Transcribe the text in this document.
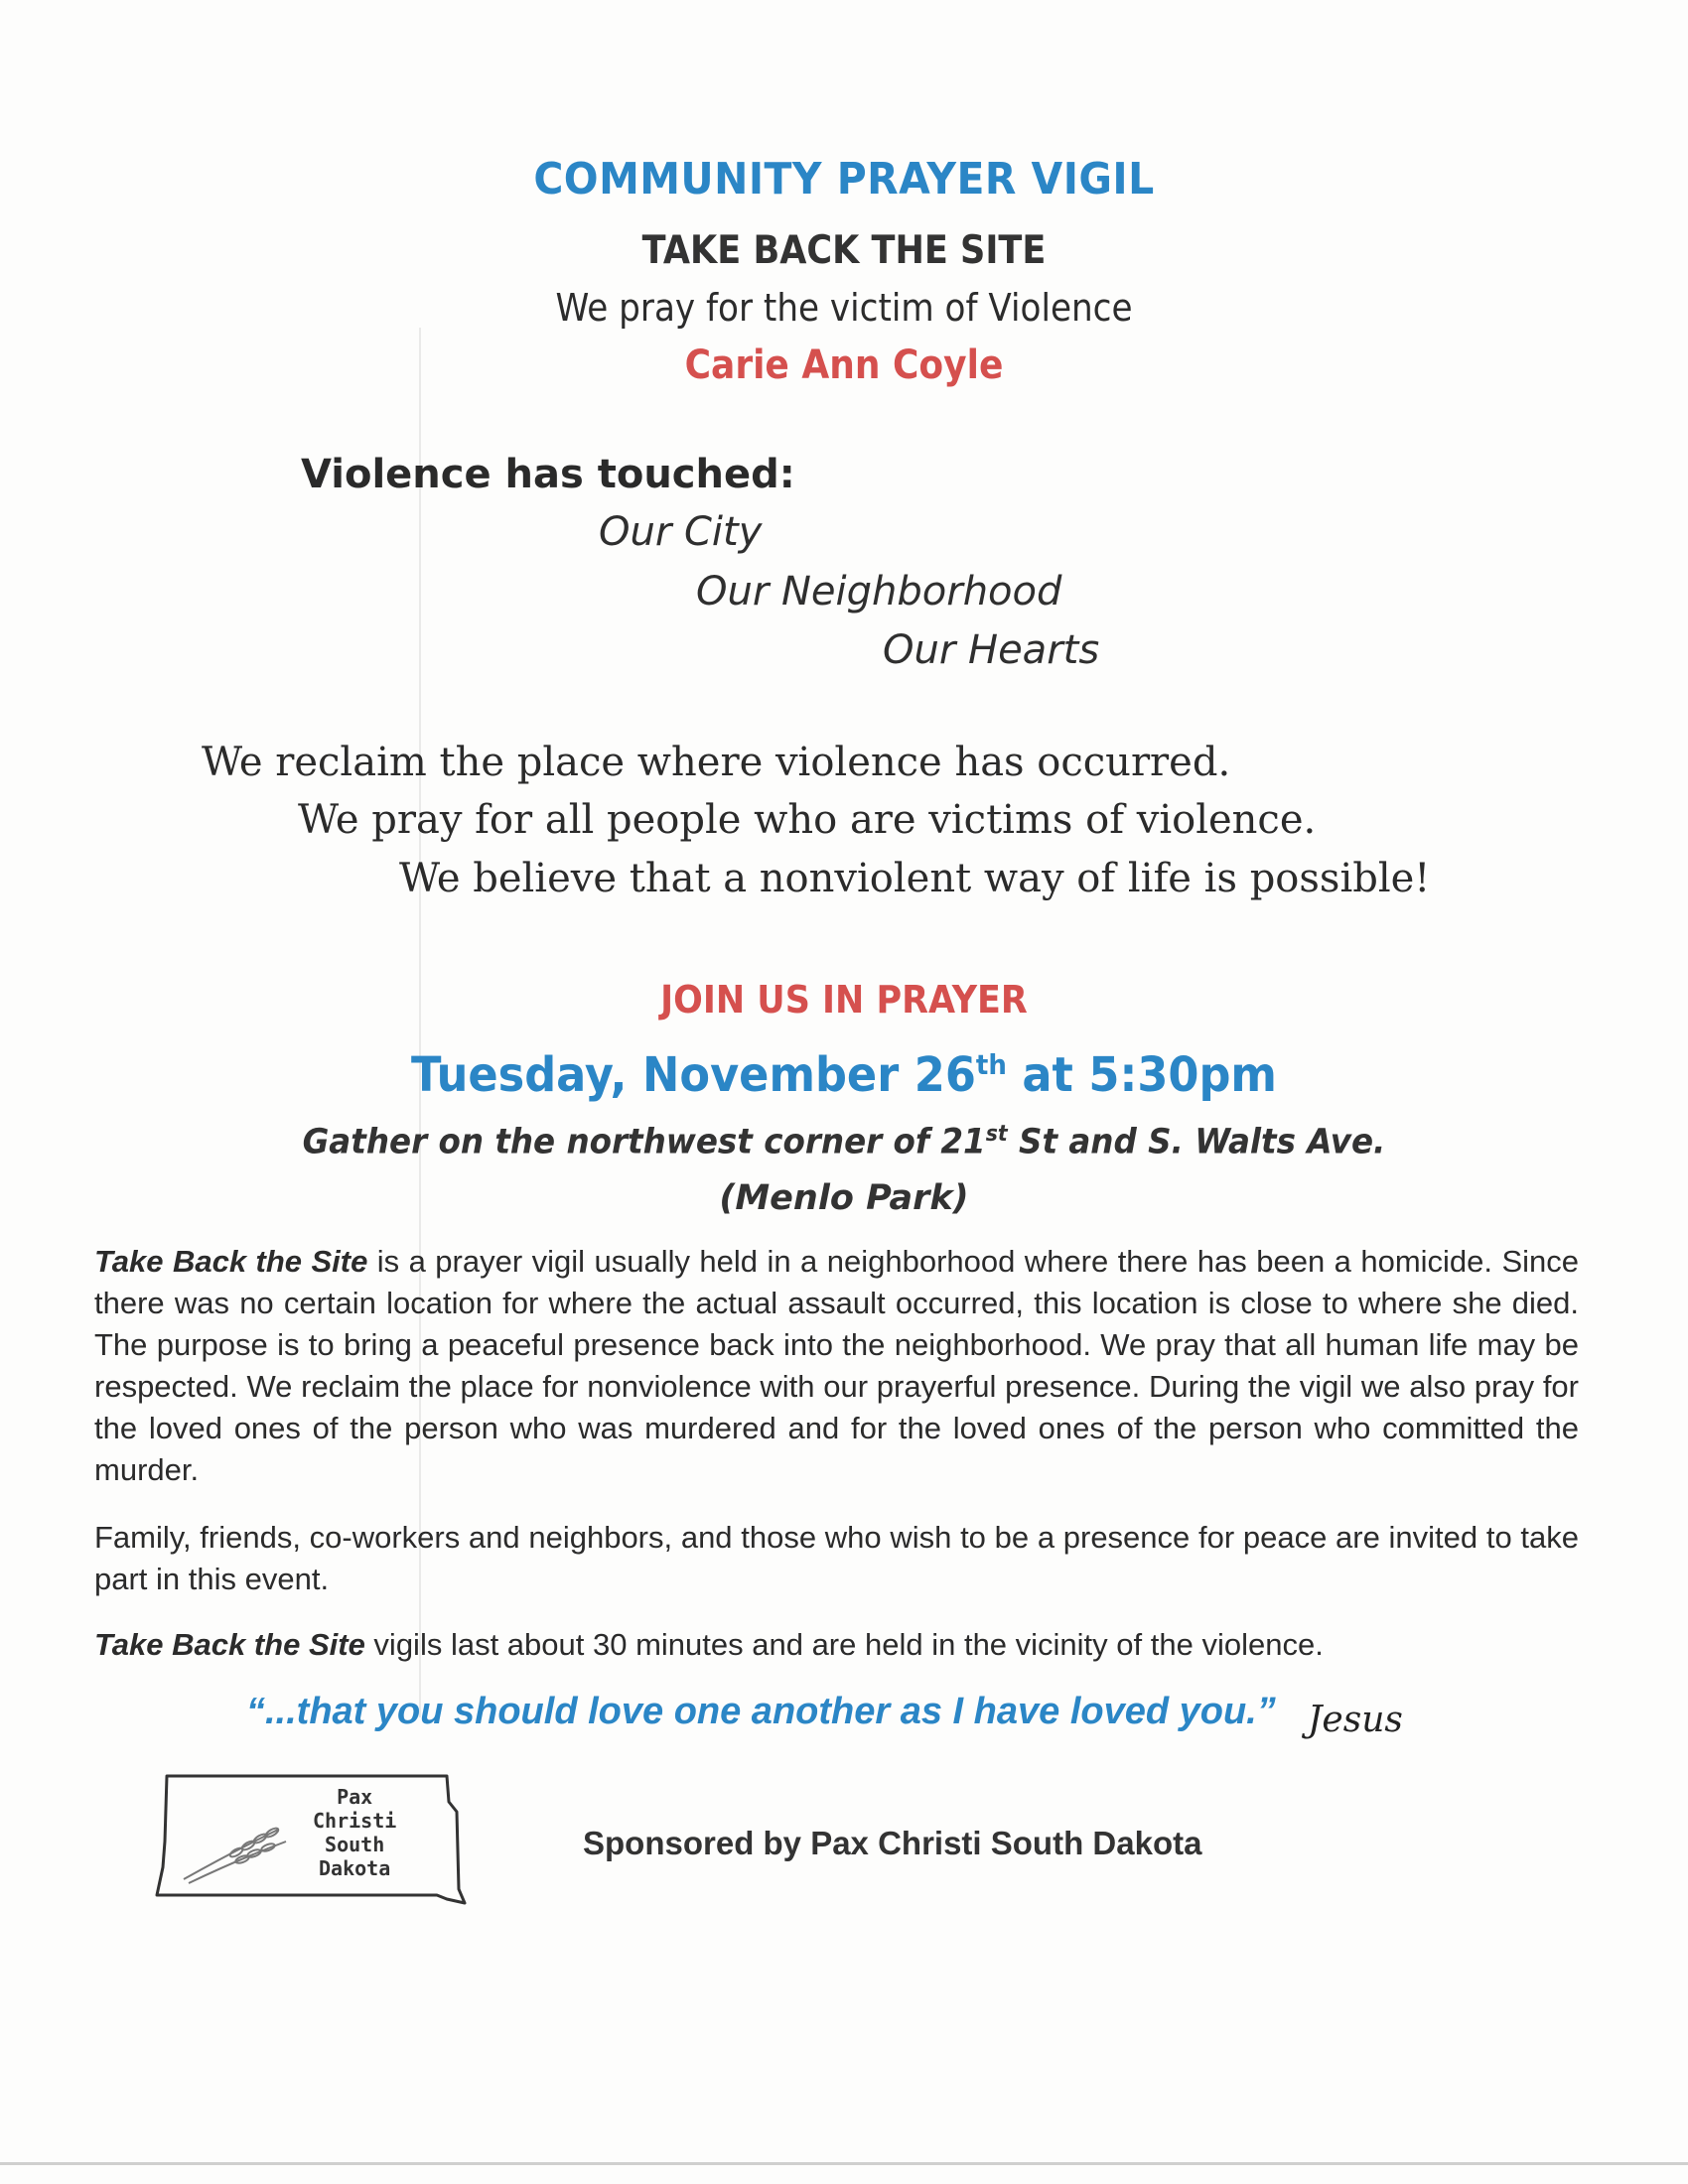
COMMUNITY PRAYER VIGIL
TAKE BACK THE SITE
We pray for the victim of Violence
Carie Ann Coyle
Violence has touched:
Our City
Our Neighborhood
Our Hearts
We reclaim the place where violence has occurred.
We pray for all people who are victims of violence.
We believe that a nonviolent way of life is possible!
JOIN US IN PRAYER
Tuesday, November 26th at 5:30pm
Gather on the northwest corner of 21st St and S. Walts Ave.
(Menlo Park)
Take Back the Site is a prayer vigil usually held in a neighborhood where there has been a homicide. Since there was no certain location for where the actual assault occurred, this location is close to where she died. The purpose is to bring a peaceful presence back into the neighborhood. We pray that all human life may be respected. We reclaim the place for nonviolence with our prayerful presence. During the vigil we also pray for the loved ones of the person who was murdered and for the loved ones of the person who committed the murder.
Family, friends, co-workers and neighbors, and those who wish to be a presence for peace are invited to take part in this event.
Take Back the Site vigils last about 30 minutes and are held in the vicinity of the violence.
“...that you should love one another as I have loved you.” Jesus
Pax
Christi
South
Dakota
Sponsored by Pax Christi South Dakota
